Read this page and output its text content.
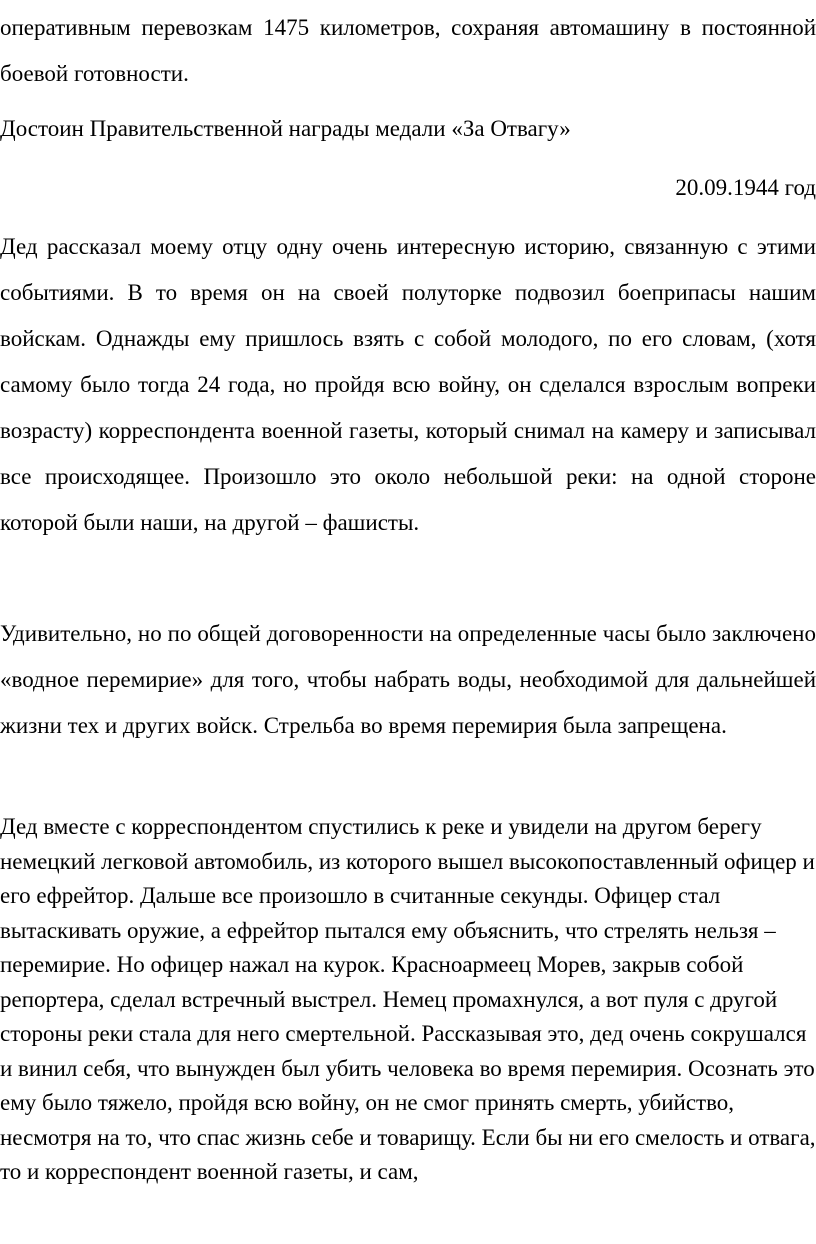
оперативным перевозкам 1475 километров, сохраняя автомашину в постоянной боевой готовности.

Достоин Правительственной награды медали «За Отвагу»

20.09.1944 год

Дед рассказал моему отцу одну очень интересную историю, связанную с этими событиями. В то время он на своей полуторке подвозил боеприпасы нашим войскам. Однажды ему пришлось взять с собой молодого, по его словам, (хотя самому было тогда 24 года, но пройдя всю войну, он сделался взрослым вопреки возрасту) корреспондента военной газеты, который снимал на камеру и записывал все происходящее. Произошло это около небольшой реки: на одной стороне которой были наши, на другой – фашисты.

Удивительно, но по общей договоренности на определенные часы было заключено «водное перемирие» для того, чтобы набрать воды, необходимой для дальнейшей жизни тех и других войск. Стрельба во время перемирия была запрещена.

Дед вместе с корреспондентом спустились к реке и увидели на другом берегу немецкий легковой автомобиль, из которого вышел высокопоставленный офицер и его ефрейтор. Дальше все произошло в считанные секунды. Офицер стал вытаскивать оружие, а ефрейтор пытался ему объяснить, что стрелять нельзя – перемирие. Но офицер нажал на курок. Красноармеец Морев, закрыв собой репортера, сделал встречный выстрел. Немец промахнулся, а вот пуля с другой стороны реки стала для него смертельной. Рассказывая это, дед очень сокрушался и винил себя, что вынужден был убить человека во время перемирия. Осознать это ему было тяжело, пройдя всю войну, он не смог принять смерть, убийство, несмотря на то, что спас жизнь себе и товарищу. Если бы ни его смелость и отвага, то и корреспондент военной газеты, и сам,
